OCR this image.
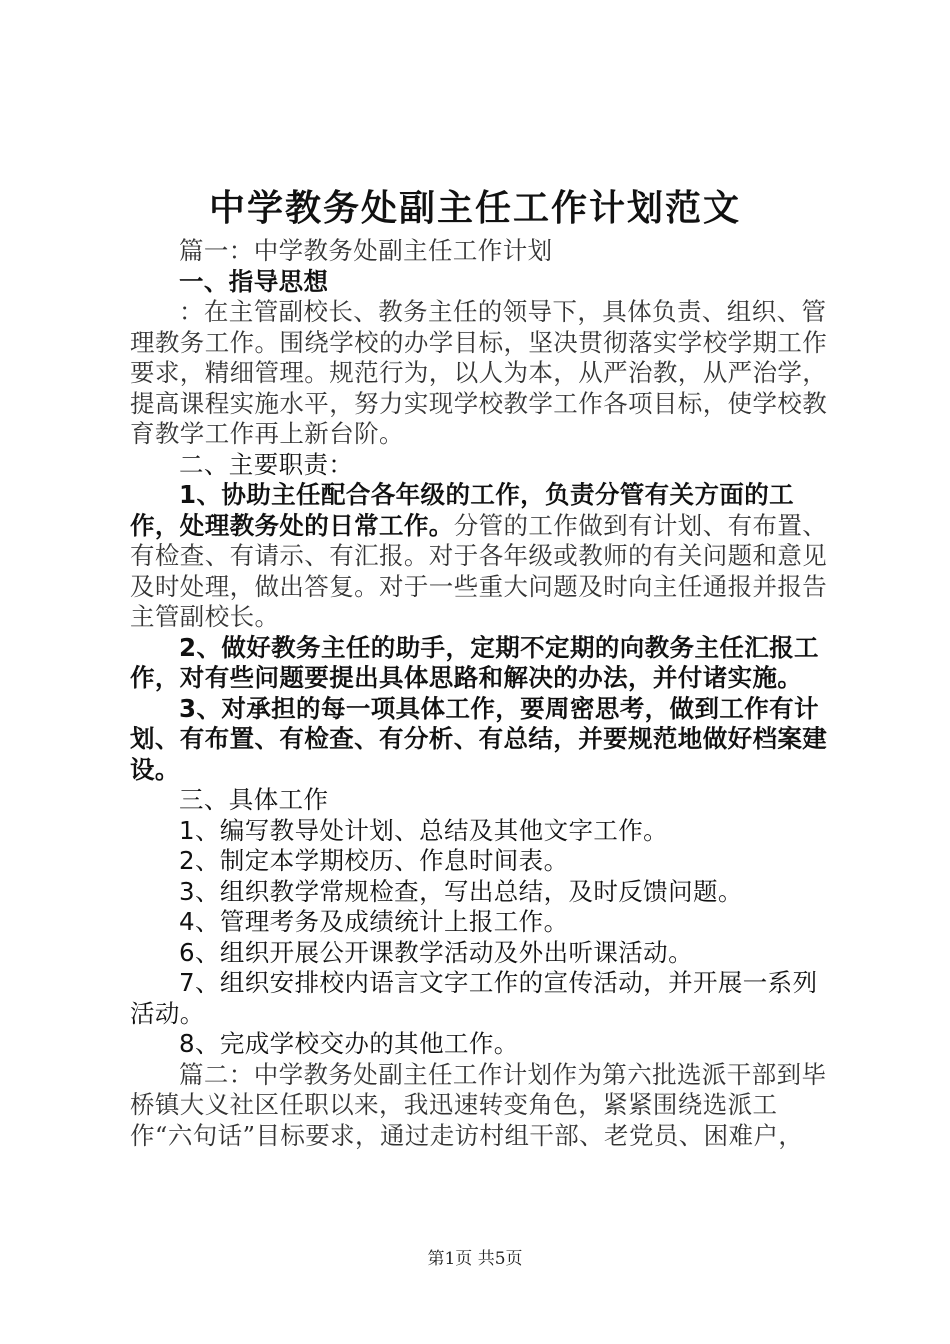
中学教务处副主任工作计划范文

篇一：中学教务处副主任工作计划

一、指导思想

：在主管副校长、教务主任的领导下，具体负责、组织、管理教务工作。围绕学校的办学目标，坚决贯彻落实学校学期工作要求，精细管理。规范行为，以人为本，从严治教，从严治学，提高课程实施水平，努力实现学校教学工作各项目标，使学校教育教学工作再上新台阶。

二、主要职责：

1、协助主任配合各年级的工作，负责分管有关方面的工作，处理教务处的日常工作。分管的工作做到有计划、有布置、有检查、有请示、有汇报。对于各年级或教师的有关问题和意见及时处理，做出答复。对于一些重大问题及时向主任通报并报告主管副校长。

2、做好教务主任的助手，定期不定期的向教务主任汇报工作，对有些问题要提出具体思路和解决的办法，并付诸实施。

3、对承担的每一项具体工作，要周密思考，做到工作有计划、有布置、有检查、有分析、有总结，并要规范地做好档案建设。

三、具体工作

1、编写教导处计划、总结及其他文字工作。

2、制定本学期校历、作息时间表。

3、组织教学常规检查，写出总结，及时反馈问题。

4、管理考务及成绩统计上报工作。

6、组织开展公开课教学活动及外出听课活动。

7、组织安排校内语言文字工作的宣传活动，并开展一系列活动。

8、完成学校交办的其他工作。

篇二：中学教务处副主任工作计划作为第六批选派干部到毕桥镇大义社区任职以来，我迅速转变角色，紧紧围绕选派工作“六句话”目标要求，通过走访村组干部、老党员、困难户，

第1页 共5页
